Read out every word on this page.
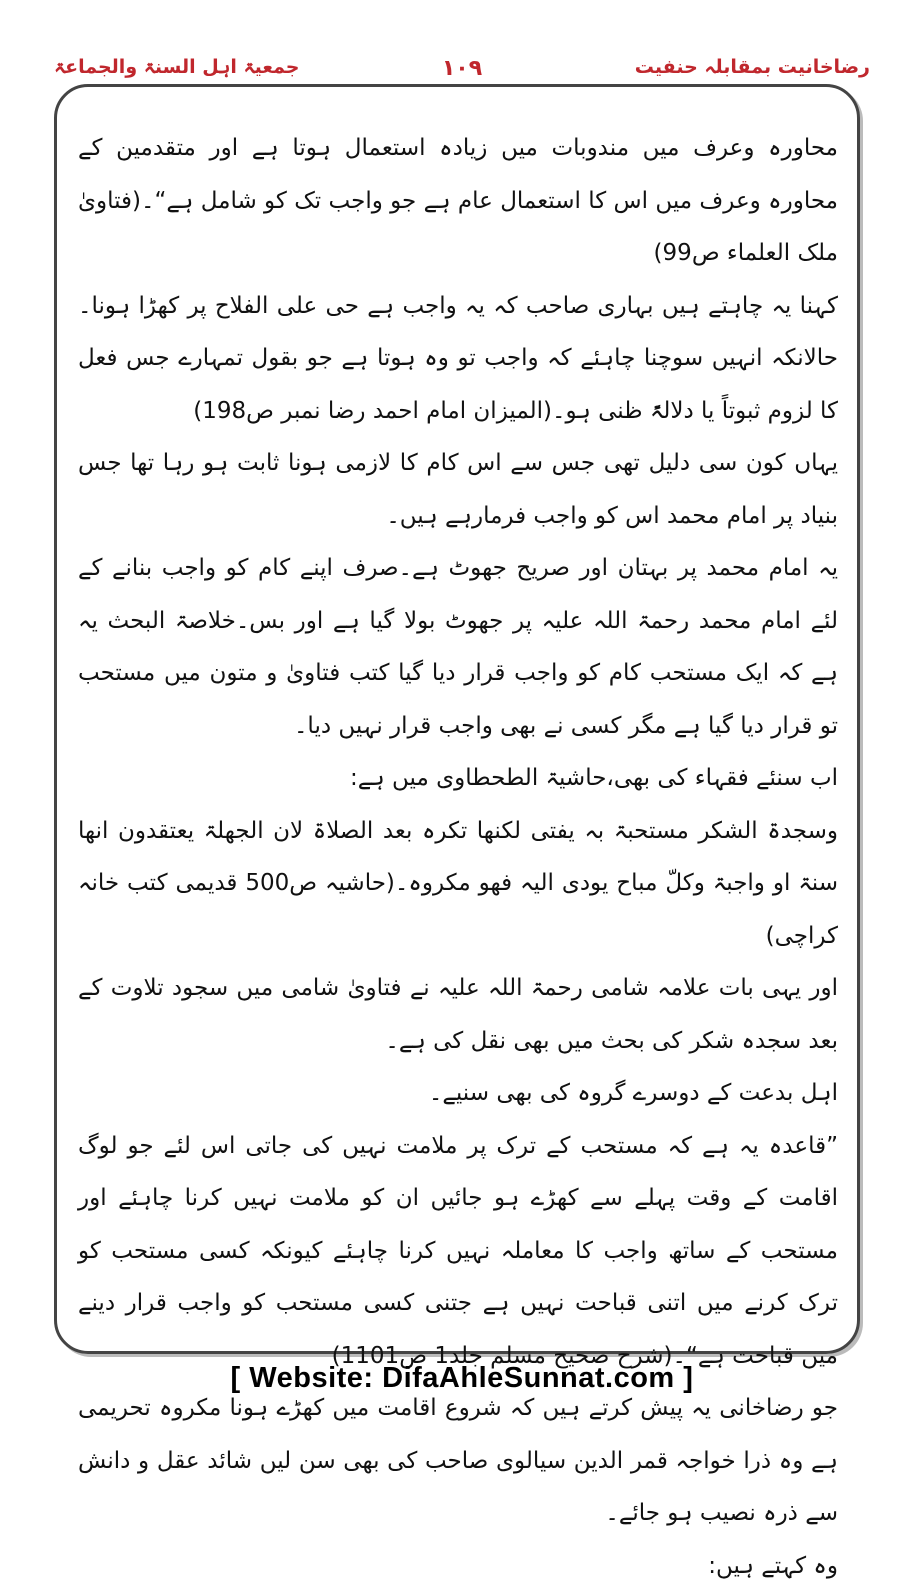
رضاخانیت بمقابلہ حنفیت
۱۰۹
جمعیۃ اہل السنۃ والجماعۃ

محاورہ وعرف میں مندوبات میں زیادہ استعمال ہوتا ہے اور متقدمین کے محاورہ وعرف میں اس کا استعمال عام ہے جو واجب تک کو شامل ہے“۔(فتاویٰ ملک العلماء ص99)

کہنا یہ چاہتے ہیں بہاری صاحب کہ یہ واجب ہے حی علی الفلاح پر کھڑا ہونا۔حالانکہ انہیں سوچنا چاہئے کہ واجب تو وہ ہوتا ہے جو بقول تمہارے جس فعل کا لزوم ثبوتاً یا دلالۃً ظنی ہو۔(المیزان امام احمد رضا نمبر ص198)

یہاں کون سی دلیل تھی جس سے اس کام کا لازمی ہونا ثابت ہو رہا تھا جس بنیاد پر امام محمد اس کو واجب فرمارہے ہیں۔

یہ امام محمد پر بہتان اور صریح جھوٹ ہے۔صرف اپنے کام کو واجب بنانے کے لئے امام محمد رحمۃ اللہ علیہ پر جھوٹ بولا گیا ہے اور بس۔خلاصۃ البحث یہ ہے کہ ایک مستحب کام کو واجب قرار دیا گیا کتب فتاویٰ و متون میں مستحب تو قرار دیا گیا ہے مگر کسی نے بھی واجب قرار نہیں دیا۔

اب سنئے فقہاء کی بھی،حاشیۃ الطحطاوی میں ہے:

وسجدۃ الشکر مستحبۃ بہ یفتی لکنھا تکرہ بعد الصلاۃ لان الجھلۃ یعتقدون انھا سنۃ او واجبۃ وکلّ مباح یودی الیہ فھو مکروہ۔(حاشیہ ص500 قدیمی کتب خانہ کراچی)

اور یہی بات علامہ شامی رحمۃ اللہ علیہ نے فتاویٰ شامی میں سجود تلاوت کے بعد سجدہ شکر کی بحث میں بھی نقل کی ہے۔

اہل بدعت کے دوسرے گروہ کی بھی سنیے۔

”قاعدہ یہ ہے کہ مستحب کے ترک پر ملامت نہیں کی جاتی اس لئے جو لوگ اقامت کے وقت پہلے سے کھڑے ہو جائیں ان کو ملامت نہیں کرنا چاہئے اور مستحب کے ساتھ واجب کا معاملہ نہیں کرنا چاہئے کیونکہ کسی مستحب کو ترک کرنے میں اتنی قباحت نہیں ہے جتنی کسی مستحب کو واجب قرار دینے میں قباحت ہے“۔(شرح صحیح مسلم جلد1 ص1101)

جو رضاخانی یہ پیش کرتے ہیں کہ شروع اقامت میں کھڑے ہونا مکروہ تحریمی ہے وہ ذرا خواجہ قمر الدین سیالوی صاحب کی بھی سن لیں شائد عقل و دانش سے ذرہ نصیب ہو جائے۔

وہ کہتے ہیں:

[ Website: DifaAhleSunnat.com ]
